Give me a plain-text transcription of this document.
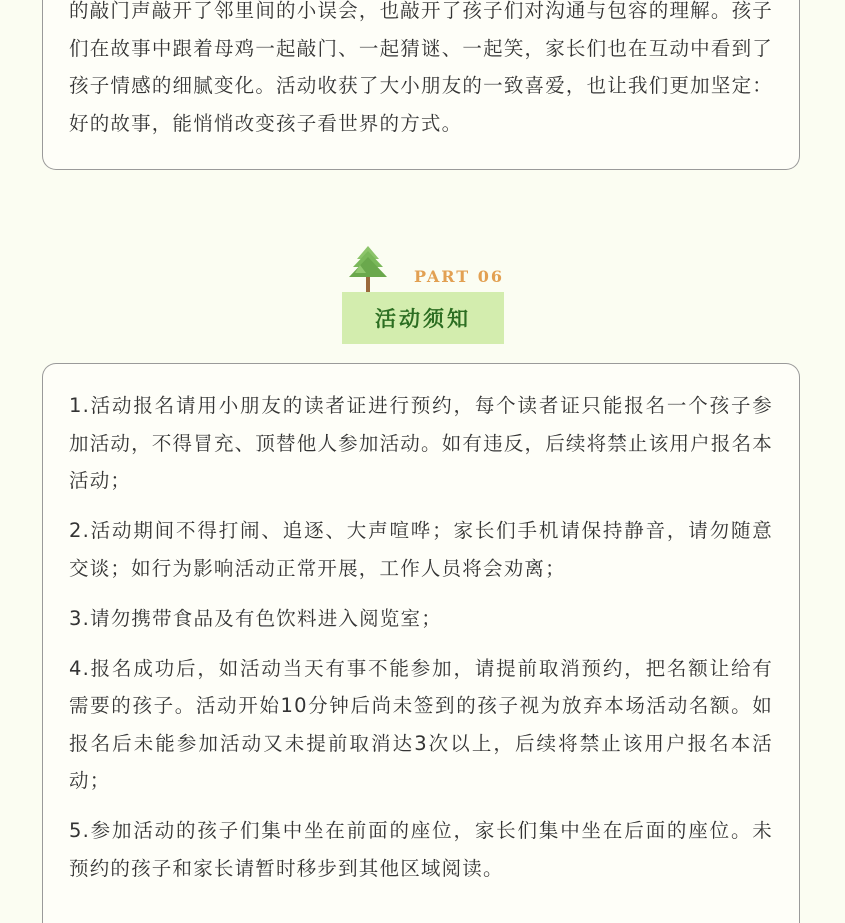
的敲门声敲开了邻里间的小误会，也敲开了孩子们对沟通与包容的理解。孩子们在故事中跟着母鸡一起敲门、一起猜谜、一起笑，家长们也在互动中看到了孩子情感的细腻变化。活动收获了大小朋友的一致喜爱，也让我们更加坚定：好的故事，能悄悄改变孩子看世界的方式。

PART 06
活动须知

1.活动报名请用小朋友的读者证进行预约，每个读者证只能报名一个孩子参加活动，不得冒充、顶替他人参加活动。如有违反，后续将禁止该用户报名本活动；

2.活动期间不得打闹、追逐、大声喧哗；家长们手机请保持静音，请勿随意交谈；如行为影响活动正常开展，工作人员将会劝离；

3.请勿携带食品及有色饮料进入阅览室；

4.报名成功后，如活动当天有事不能参加，请提前取消预约，把名额让给有需要的孩子。活动开始10分钟后尚未签到的孩子视为放弃本场活动名额。如报名后未能参加活动又未提前取消达3次以上，后续将禁止该用户报名本活动；

5.参加活动的孩子们集中坐在前面的座位，家长们集中坐在后面的座位。未预约的孩子和家长请暂时移步到其他区域阅读。
